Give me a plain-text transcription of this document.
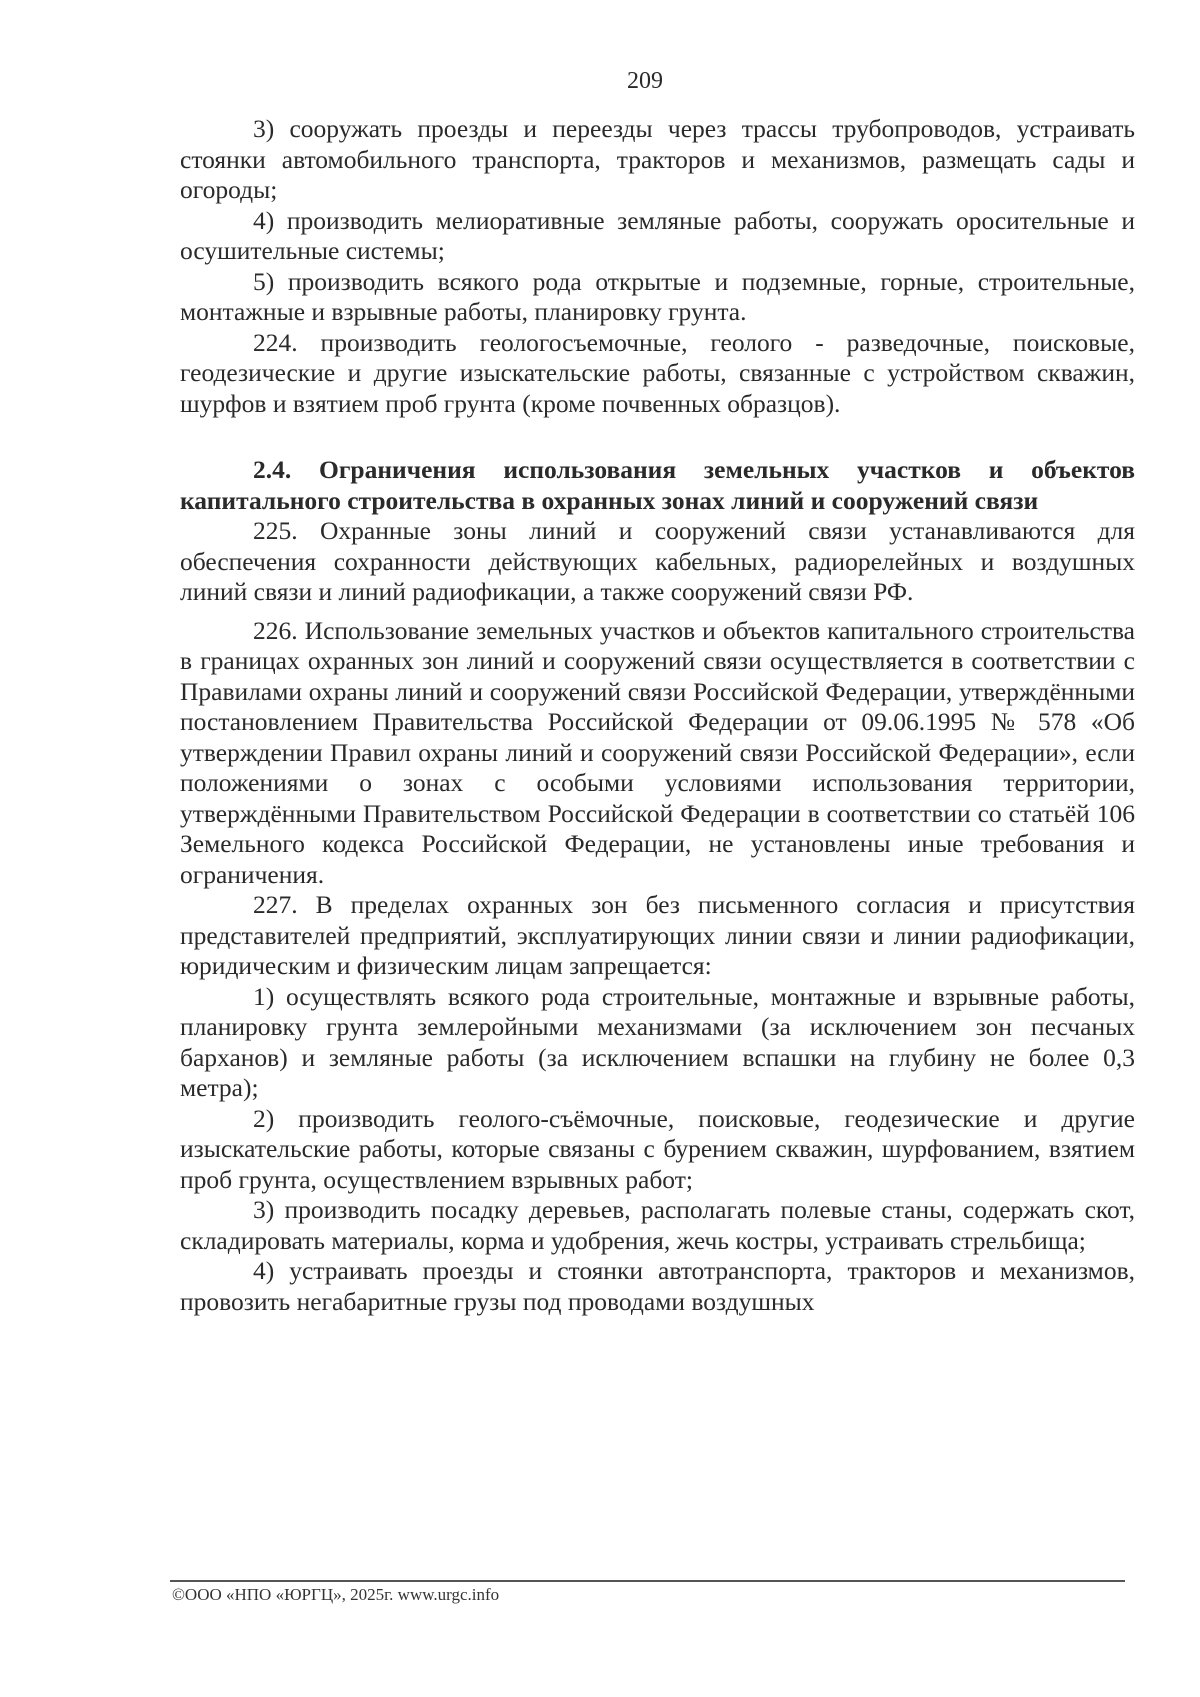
209

3) сооружать проезды и переезды через трассы трубопроводов, устраивать стоянки автомобильного транспорта, тракторов и механизмов, размещать сады и огороды;

4) производить мелиоративные земляные работы, сооружать оросительные и осушительные системы;

5) производить всякого рода открытые и подземные, горные, строительные, монтажные и взрывные работы, планировку грунта.

224. производить геологосъемочные, геолого - разведочные, поисковые, геодезические и другие изыскательские работы, связанные с устройством скважин, шурфов и взятием проб грунта (кроме почвенных образцов).

2.4. Ограничения использования земельных участков и объектов капитального строительства в охранных зонах линий и сооружений связи

225. Охранные зоны линий и сооружений связи устанавливаются для обеспечения сохранности действующих кабельных, радиорелейных и воздушных линий связи и линий радиофикации, а также сооружений связи РФ.

226. Использование земельных участков и объектов капитального строительства в границах охранных зон линий и сооружений связи осуществляется в соответствии с Правилами охраны линий и сооружений связи Российской Федерации, утверждёнными постановлением Правительства Российской Федерации от 09.06.1995 № 578 «Об утверждении Правил охраны линий и сооружений связи Российской Федерации», если положениями о зонах с особыми условиями использования территории, утверждёнными Правительством Российской Федерации в соответствии со статьёй 106 Земельного кодекса Российской Федерации, не установлены иные требования и ограничения.

227. В пределах охранных зон без письменного согласия и присутствия представителей предприятий, эксплуатирующих линии связи и линии радиофикации, юридическим и физическим лицам запрещается:

1) осуществлять всякого рода строительные, монтажные и взрывные работы, планировку грунта землеройными механизмами (за исключением зон песчаных барханов) и земляные работы (за исключением вспашки на глубину не более 0,3 метра);

2) производить геолого-съёмочные, поисковые, геодезические и другие изыскательские работы, которые связаны с бурением скважин, шурфованием, взятием проб грунта, осуществлением взрывных работ;

3) производить посадку деревьев, располагать полевые станы, содержать скот, складировать материалы, корма и удобрения, жечь костры, устраивать стрельбища;

4) устраивать проезды и стоянки автотранспорта, тракторов и механизмов, провозить негабаритные грузы под проводами воздушных

©ООО «НПО «ЮРГЦ», 2025г. www.urgc.info
